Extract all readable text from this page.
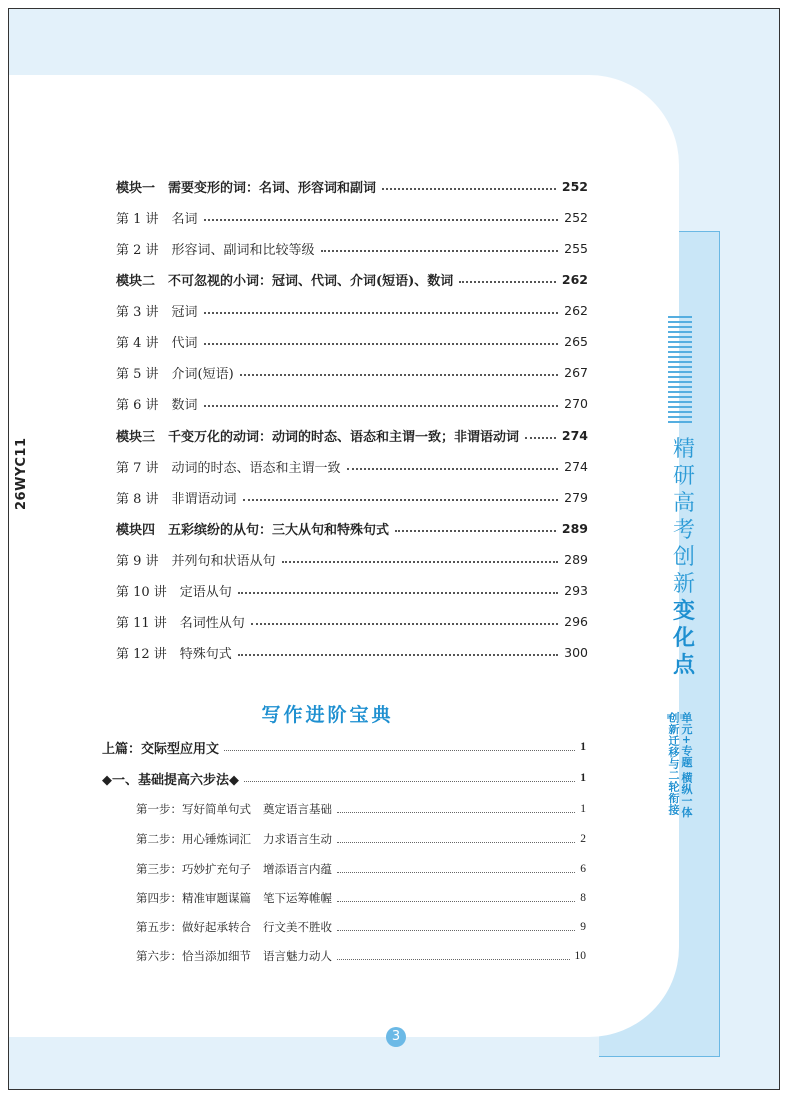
26WYC11
模块一　需要变形的词：名词、形容词和副词	252
第 1 讲　名词	252
第 2 讲　形容词、副词和比较等级	255
模块二　不可忽视的小词：冠词、代词、介词(短语)、数词	262
第 3 讲　冠词	262
第 4 讲　代词	265
第 5 讲　介词(短语)	267
第 6 讲　数词	270
模块三　千变万化的动词：动词的时态、语态和主谓一致；非谓语动词	274
第 7 讲　动词的时态、语态和主谓一致	274
第 8 讲　非谓语动词	279
模块四　五彩缤纷的从句：三大从句和特殊句式	289
第 9 讲　并列句和状语从句	289
第 10 讲　定语从句	293
第 11 讲　名词性从句	296
第 12 讲　特殊句式	300
写作进阶宝典
上篇：交际型应用文	1
◆一、基础提高六步法◆	1
第一步：写好简单句式 奠定语言基础	1
第二步：用心锤炼词汇 力求语言生动	2
第三步：巧妙扩充句子 增添语言内蕴	6
第四步：精准审题谋篇 笔下运筹帷幄	8
第五步：做好起承转合 行文美不胜收	9
第六步：恰当添加细节 语言魅力动人	10
精
研
高
考
创
新
变
化
点
单元+专题 横纵一体
创新迁移与二轮衔接
3
